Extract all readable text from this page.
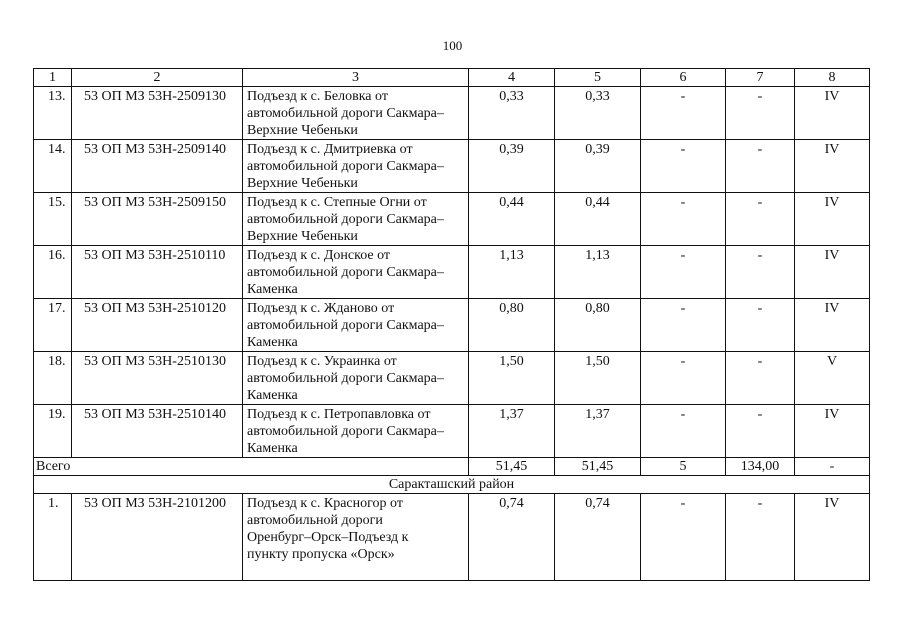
100
1	2	3	4	5	6	7	8
13.	53 ОП МЗ 53Н-2509130	Подъезд к с. Беловка от
автомобильной дороги Сакмара–
Верхние Чебеньки	0,33	0,33	-	-	IV
14.	53 ОП МЗ 53Н-2509140	Подъезд к с. Дмитриевка от
автомобильной дороги Сакмара–
Верхние Чебеньки	0,39	0,39	-	-	IV
15.	53 ОП МЗ 53Н-2509150	Подъезд к с. Степные Огни от
автомобильной дороги Сакмара–
Верхние Чебеньки	0,44	0,44	-	-	IV
16.	53 ОП МЗ 53Н-2510110	Подъезд к с. Донское от
автомобильной дороги Сакмара–
Каменка	1,13	1,13	-	-	IV
17.	53 ОП МЗ 53Н-2510120	Подъезд к с. Жданово от
автомобильной дороги Сакмара–
Каменка	0,80	0,80	-	-	IV
18.	53 ОП МЗ 53Н-2510130	Подъезд к с. Украинка от
автомобильной дороги Сакмара–
Каменка	1,50	1,50	-	-	V
19.	53 ОП МЗ 53Н-2510140	Подъезд к с. Петропавловка от
автомобильной дороги Сакмара–
Каменка	1,37	1,37	-	-	IV
Всего			51,45	51,45	5	134,00	-
Саракташский район							
1.	53 ОП МЗ 53Н-2101200	Подъезд к с. Красногор от
автомобильной дороги
Оренбург–Орск–Подъезд к
пункту пропуска «Орск»	0,74	0,74	-	-	IV
